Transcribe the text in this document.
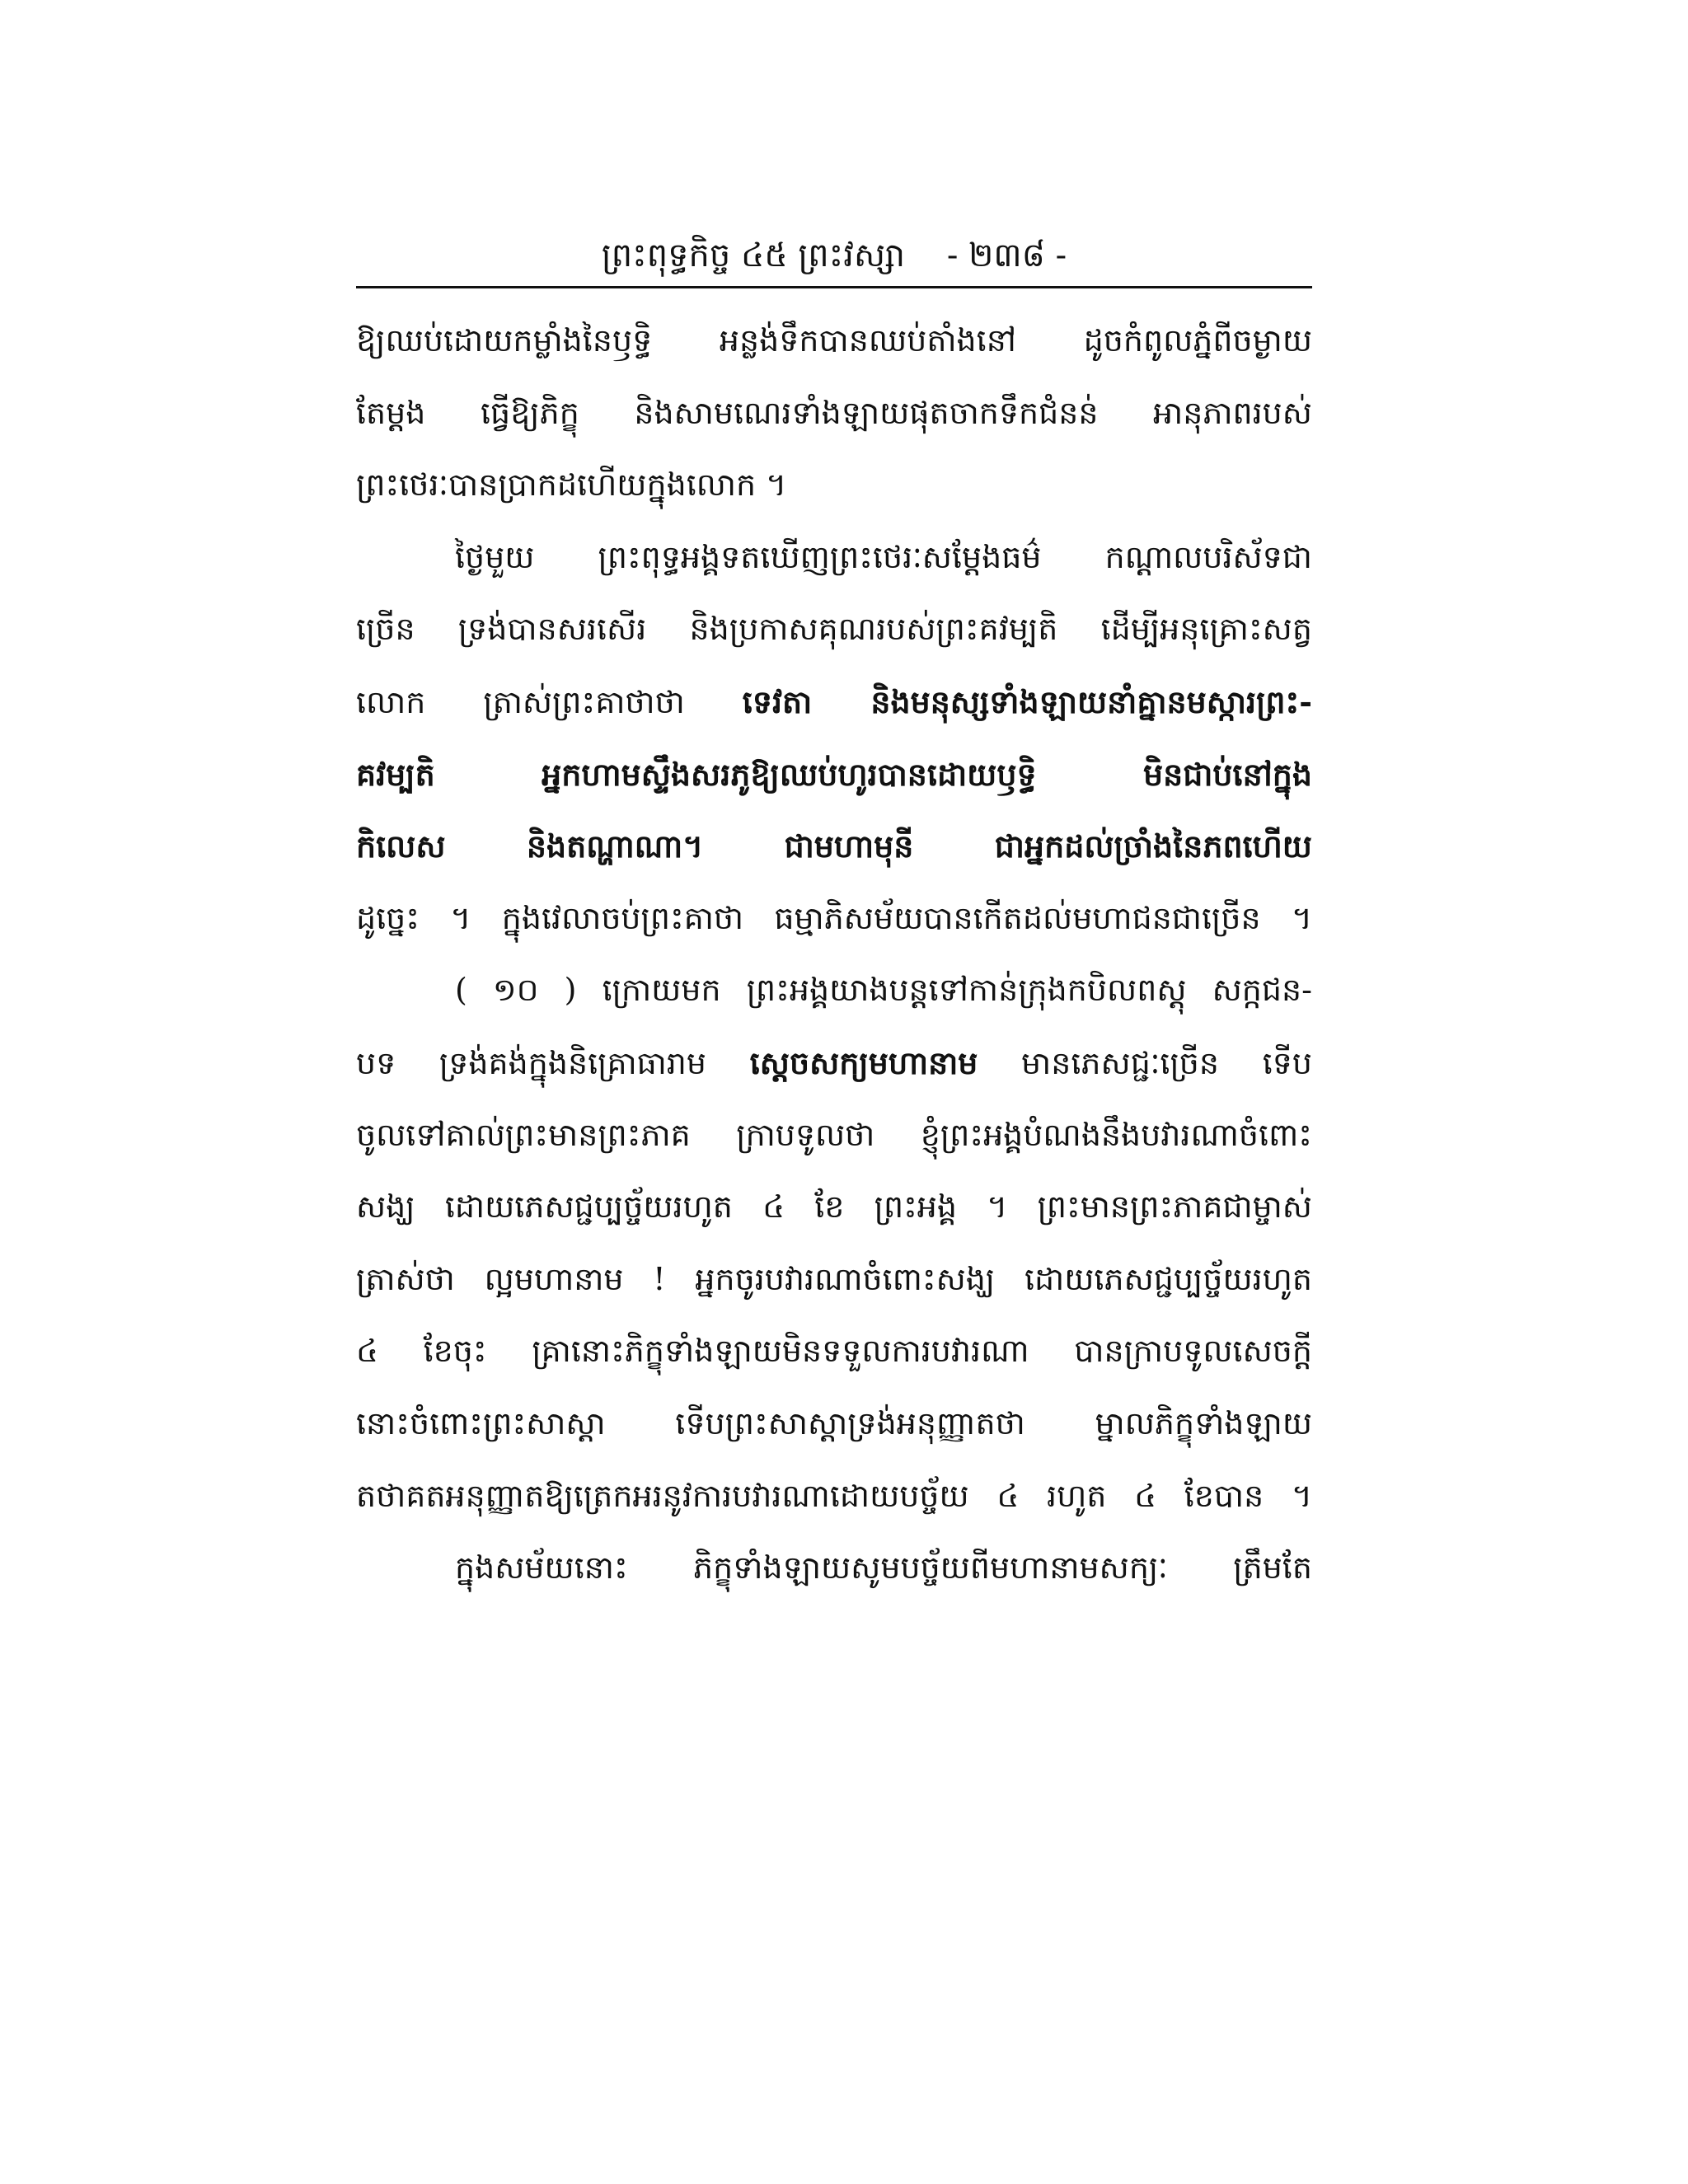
ព្រះពុទ្ធកិច្ច ៤៥ ព្រះវស្សា - ២៣៨ -
ឱ្យឈប់ដោយកម្លាំងនៃឫទ្ធិ អន្លង់ទឹកបានឈប់តាំងនៅ ដូចកំពូលភ្នំពីចម្ងាយ
តែម្តង ធ្វើឱ្យភិក្ខុ និងសាមណេរទាំងឡាយផុតចាកទឹកជំនន់ អានុភាពរបស់
ព្រះថេរៈបានប្រាកដហើយក្នុងលោក ។
ថ្ងៃមួយ ព្រះពុទ្ធអង្គទតឃើញព្រះថេរៈសម្តែងធម៌ កណ្តាលបរិស័ទជា
ច្រើន ទ្រង់បានសរសើរ និងប្រកាសគុណរបស់ព្រះគវម្បតិ ដើម្បីអនុគ្រោះសត្វ
លោក ត្រាស់ព្រះគាថាថា ទេវតា និងមនុស្សទាំងឡាយនាំគ្នានមស្ការព្រះ-
គវម្បតិ អ្នកហាមស្ទឹងសរភូឱ្យឈប់ហូរបានដោយឫទ្ធិ មិនជាប់នៅក្នុង
កិលេស និងតណ្ហាណា។ ជាមហាមុនី ជាអ្នកដល់ច្រាំងនៃភពហើយ
ដូច្នេះ ។ ក្នុងវេលាចប់ព្រះគាថា ធម្មាភិសម័យបានកើតដល់មហាជនជាច្រើន ។
( ១០ ) ក្រោយមក ព្រះអង្គយាងបន្តទៅកាន់ក្រុងកបិលពស្តុ សក្កជន-
បទ ទ្រង់គង់ក្នុងនិគ្រោធារាម ស្តេចសក្យមហានាម មានភេសជ្ជៈច្រើន ទើប
ចូលទៅគាល់ព្រះមានព្រះភាគ ក្រាបទូលថា ខ្ញុំព្រះអង្គបំណងនឹងបវារណាចំពោះ
សង្ឃ ដោយភេសជ្ជប្បច្ច័យរហូត ៤ ខែ ព្រះអង្គ ។ ព្រះមានព្រះភាគជាម្ចាស់
ត្រាស់ថា ល្អមហានាម ! អ្នកចូរបវារណាចំពោះសង្ឃ ដោយភេសជ្ជប្បច្ច័យរហូត
៤ ខែចុះ គ្រានោះភិក្ខុទាំងឡាយមិនទទួលការបវារណា បានក្រាបទូលសេចក្តី
នោះចំពោះព្រះសាស្តា ទើបព្រះសាស្តាទ្រង់អនុញ្ញាតថា ម្នាលភិក្ខុទាំងឡាយ
តថាគតអនុញ្ញាតឱ្យត្រេកអរនូវការបវារណាដោយបច្ច័យ ៤ រហូត ៤ ខែបាន ។
ក្នុងសម័យនោះ ភិក្ខុទាំងឡាយសូមបច្ច័យពីមហានាមសក្យៈ ត្រឹមតែ
